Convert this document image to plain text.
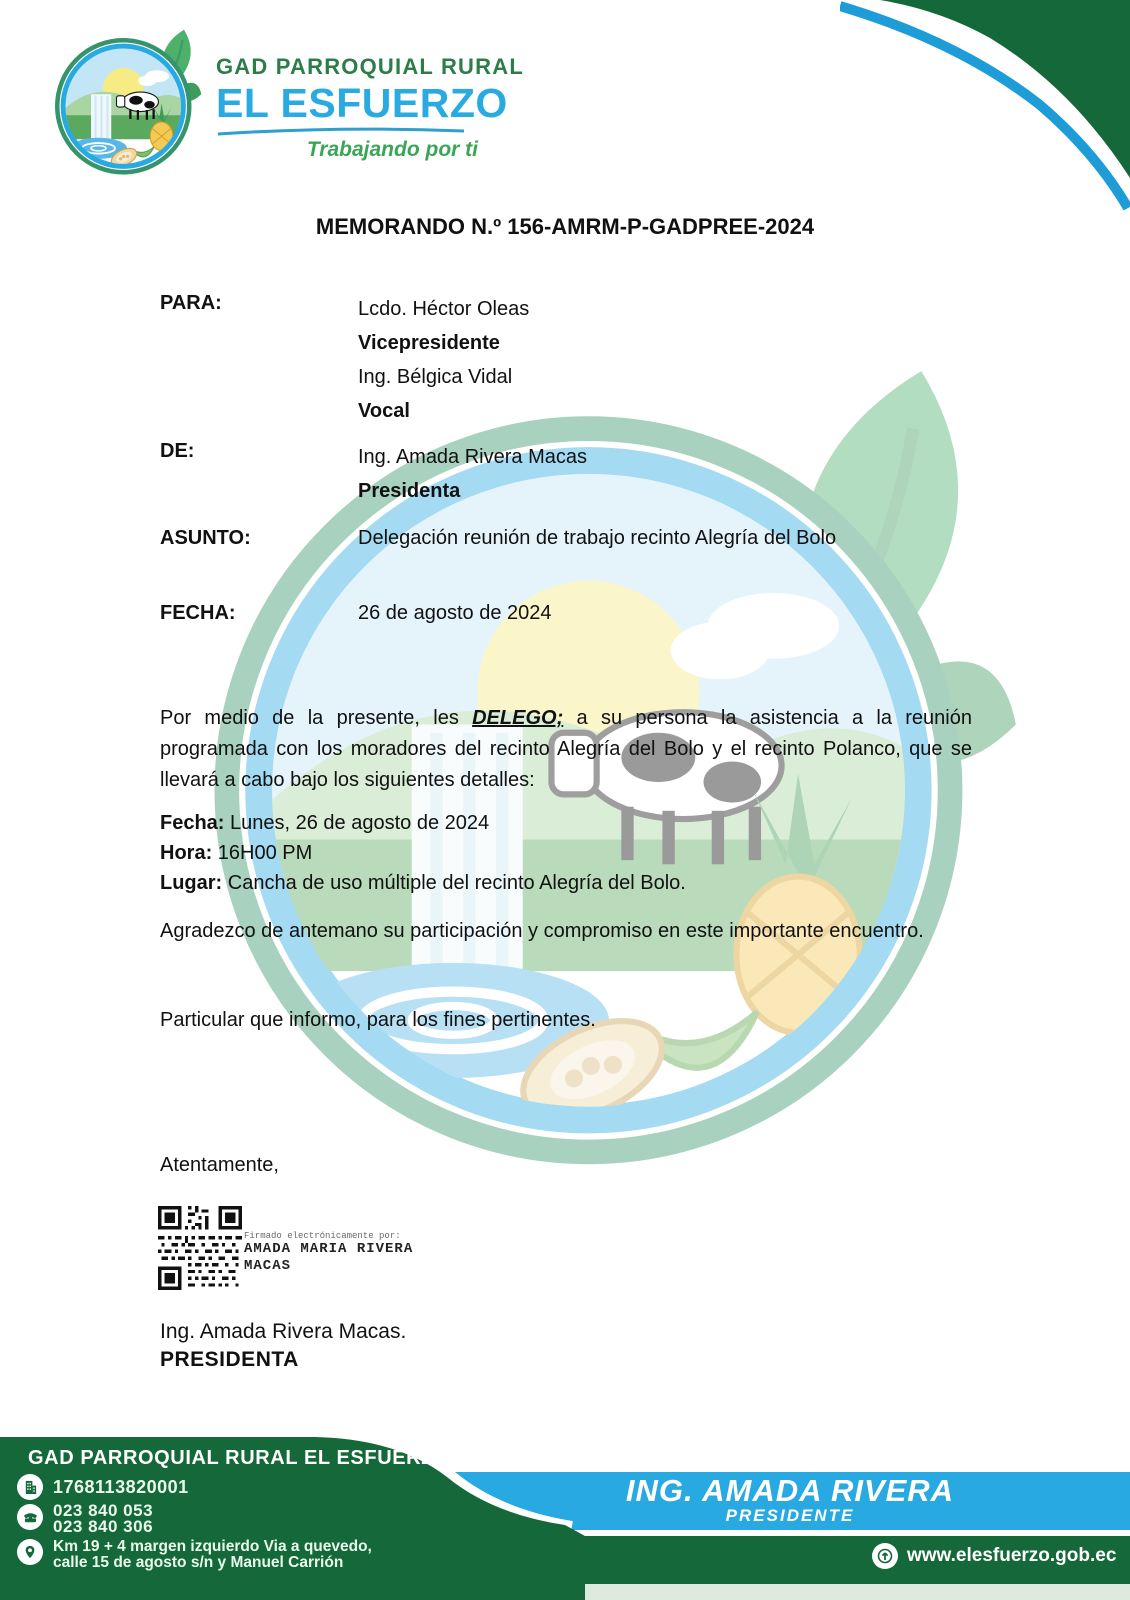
GAD PARROQUIAL RURAL
EL ESFUERZO
Trabajando por ti
MEMORANDO N.º 156-AMRM-P-GADPREE-2024
PARA:	Lcdo. Héctor Oleas
Vicepresidente
Ing. Bélgica Vidal
Vocal
DE:	Ing. Amada Rivera Macas
Presidenta
ASUNTO:	Delegación reunión de trabajo recinto Alegría del Bolo
FECHA:	26 de agosto de 2024
Por medio de la presente, les DELEGO; a su persona la asistencia a la reunión programada con los moradores del recinto Alegría del Bolo y el recinto Polanco, que se llevará a cabo bajo los siguientes detalles:
Fecha: Lunes, 26 de agosto de 2024
Hora: 16H00 PM
Lugar: Cancha de uso múltiple del recinto Alegría del Bolo.
Agradezco de antemano su participación y compromiso en este importante encuentro.
Particular que informo, para los fines pertinentes.
Atentamente,
Firmado electrónicamente por:
AMADA MARIA RIVERA
MACAS
Ing. Amada Rivera Macas.
PRESIDENTA
GAD PARROQUIAL RURAL EL ESFUERZO
1768113820001
023 840 053
023 840 306
Km 19 + 4 margen izquierdo Via a quevedo,
calle 15 de agosto s/n y Manuel Carrión
ING. AMADA RIVERA
PRESIDENTE
www.elesfuerzo.gob.ec
